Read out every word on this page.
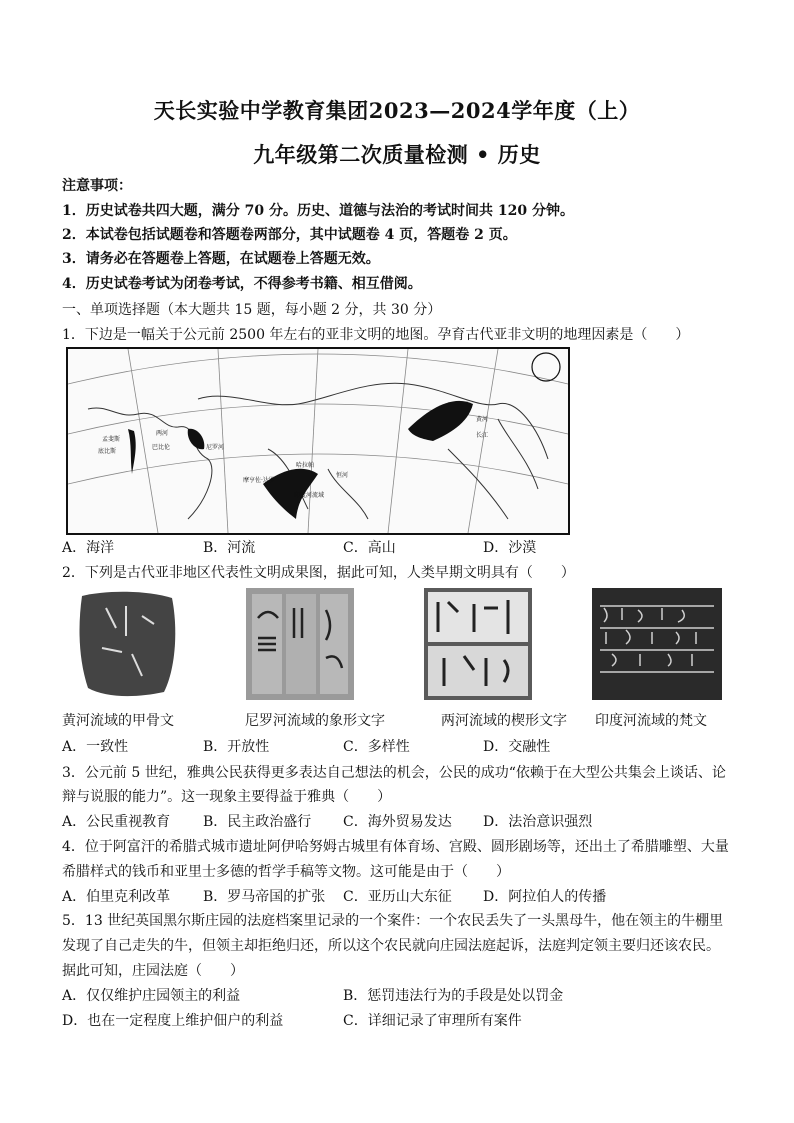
天长实验中学教育集团2023—2024学年度（上）
九年级第二次质量检测 • 历史
注意事项：
1．历史试卷共四大题，满分 70 分。历史、道德与法治的考试时间共 120 分钟。
2．本试卷包括试题卷和答题卷两部分，其中试题卷 4 页，答题卷 2 页。
3．请务必在答题卷上答题，在试题卷上答题无效。
4．历史试卷考试为闭卷考试，不得参考书籍、相互借阅。
一、单项选择题（本大题共 15 题，每小题 2 分，共 30 分）
1．下边是一幅关于公元前 2500 年左右的亚非文明的地图。孕育古代亚非文明的地理因素是（　　）
孟斐斯
底比斯
两河
巴比伦	尼罗河
哈拉帕
摩亨佐·达罗
印度河流域
恒河
黄河
长江
A．海洋	B．河流	C．高山	D．沙漠
2．下列是古代亚非地区代表性文明成果图，据此可知，人类早期文明具有（　　）
黄河流域的甲骨文	尼罗河流域的象形文字	两河流域的楔形文字 印度河流域的梵文
A．一致性	B．开放性	C．多样性	D．交融性
3．公元前 5 世纪，雅典公民获得更多表达自己想法的机会，公民的成功“依赖于在大型公共集会上谈话、论
辩与说服的能力”。这一现象主要得益于雅典（　　）
A．公民重视教育 B．民主政治盛行 C．海外贸易发达 D．法治意识强烈
4．位于阿富汗的希腊式城市遗址阿伊哈努姆古城里有体育场、宫殿、圆形剧场等，还出土了希腊雕塑、大量
希腊样式的钱币和亚里士多德的哲学手稿等文物。这可能是由于（　　）
A．伯里克利改革 B．罗马帝国的扩张 C．亚历山大东征 D．阿拉伯人的传播
5．13 世纪英国黑尔斯庄园的法庭档案里记录的一个案件：一个农民丢失了一头黑母牛，他在领主的牛棚里
发现了自己走失的牛，但领主却拒绝归还，所以这个农民就向庄园法庭起诉，法庭判定领主要归还该农民。
据此可知，庄园法庭（　　）
A．仅仅维护庄园领主的利益	B．惩罚违法行为的手段是处以罚金
D．也在一定程度上维护佃户的利益	C．详细记录了审理所有案件
